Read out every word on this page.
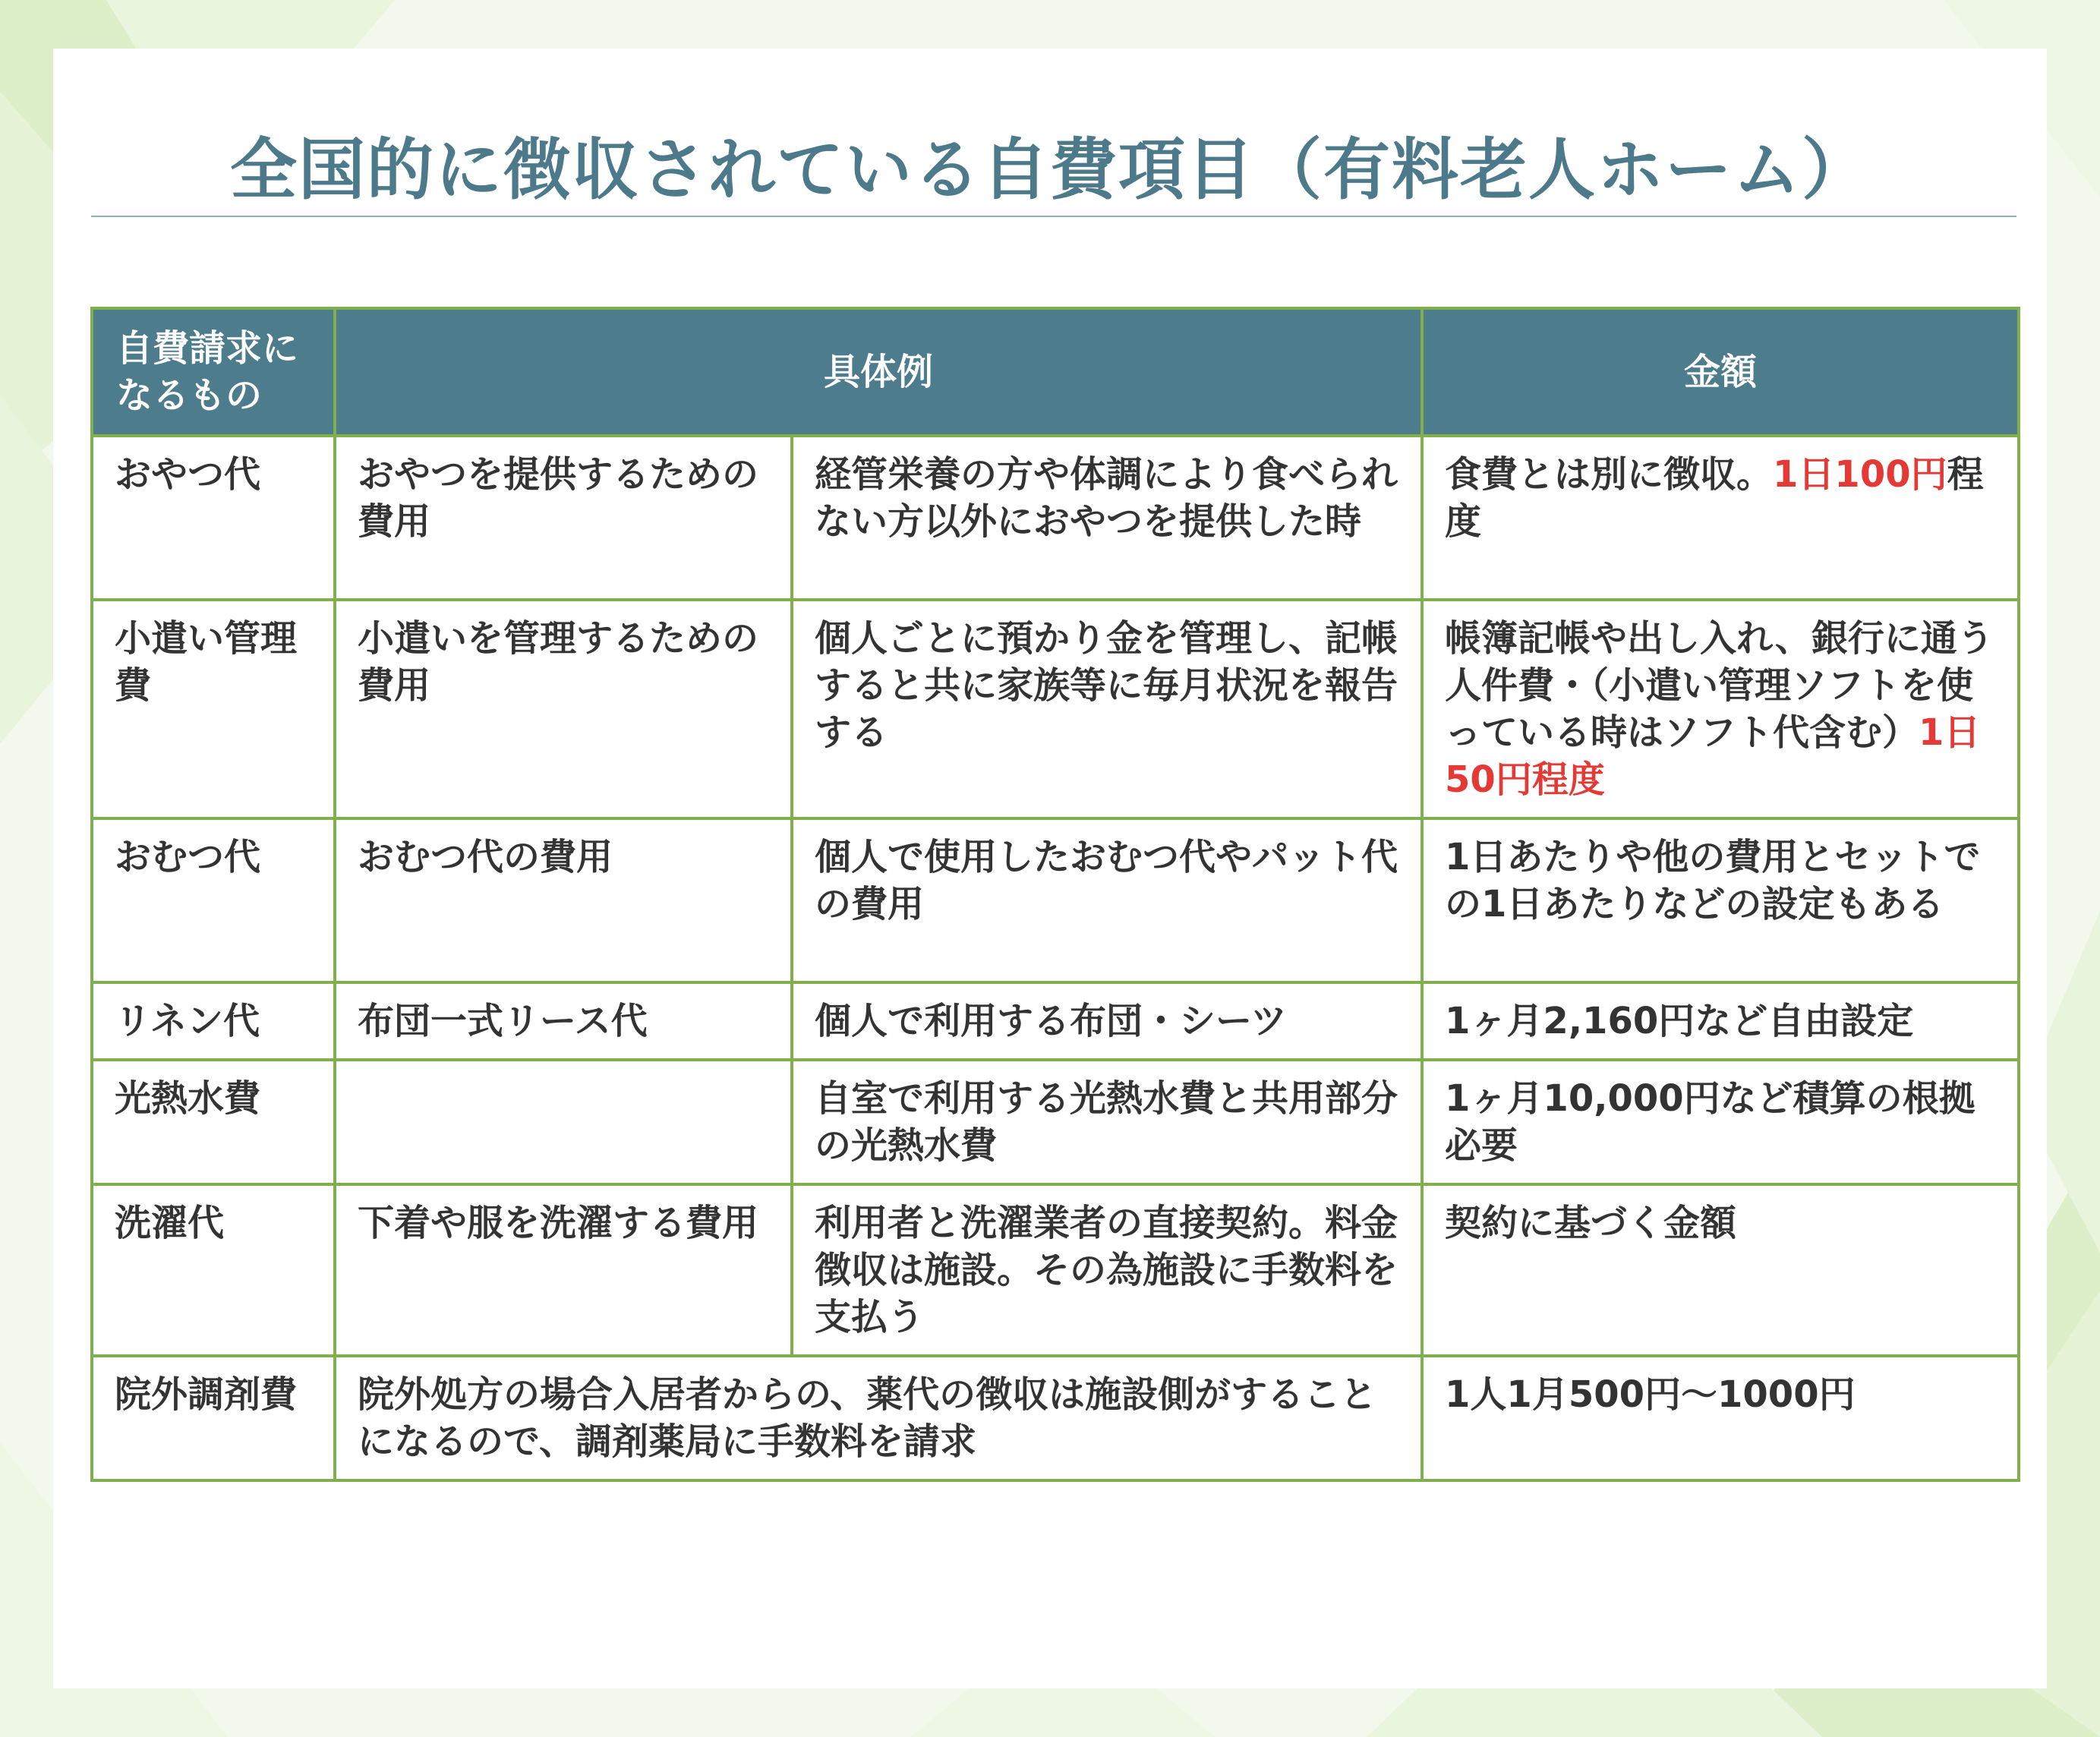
全国的に徴収されている自費項目（有料老人ホーム）
自費請求になるもの	具体例		金額
おやつ代	おやつを提供するための費用	経管栄養の方や体調により食べられない方以外におやつを提供した時	食費とは別に徴収。1日100円程度
小遣い管理費	小遣いを管理するための費用	個人ごとに預かり金を管理し、記帳すると共に家族等に毎月状況を報告する	帳簿記帳や出し入れ、銀行に通う人件費・（小遣い管理ソフトを使っている時はソフト代含む）1日50円程度
おむつ代	おむつ代の費用	個人で使用したおむつ代やパット代の費用	1日あたりや他の費用とセットでの1日あたりなどの設定もある
リネン代	布団一式リース代	個人で利用する布団・シーツ	1ヶ月2,160円など自由設定
光熱水費		自室で利用する光熱水費と共用部分の光熱水費	1ヶ月10,000円など積算の根拠必要
洗濯代	下着や服を洗濯する費用	利用者と洗濯業者の直接契約。料金徴収は施設。その為施設に手数料を支払う	契約に基づく金額
院外調剤費	院外処方の場合入居者からの、薬代の徴収は施設側がすることになるので、調剤薬局に手数料を請求		1人1月500円〜1000円
